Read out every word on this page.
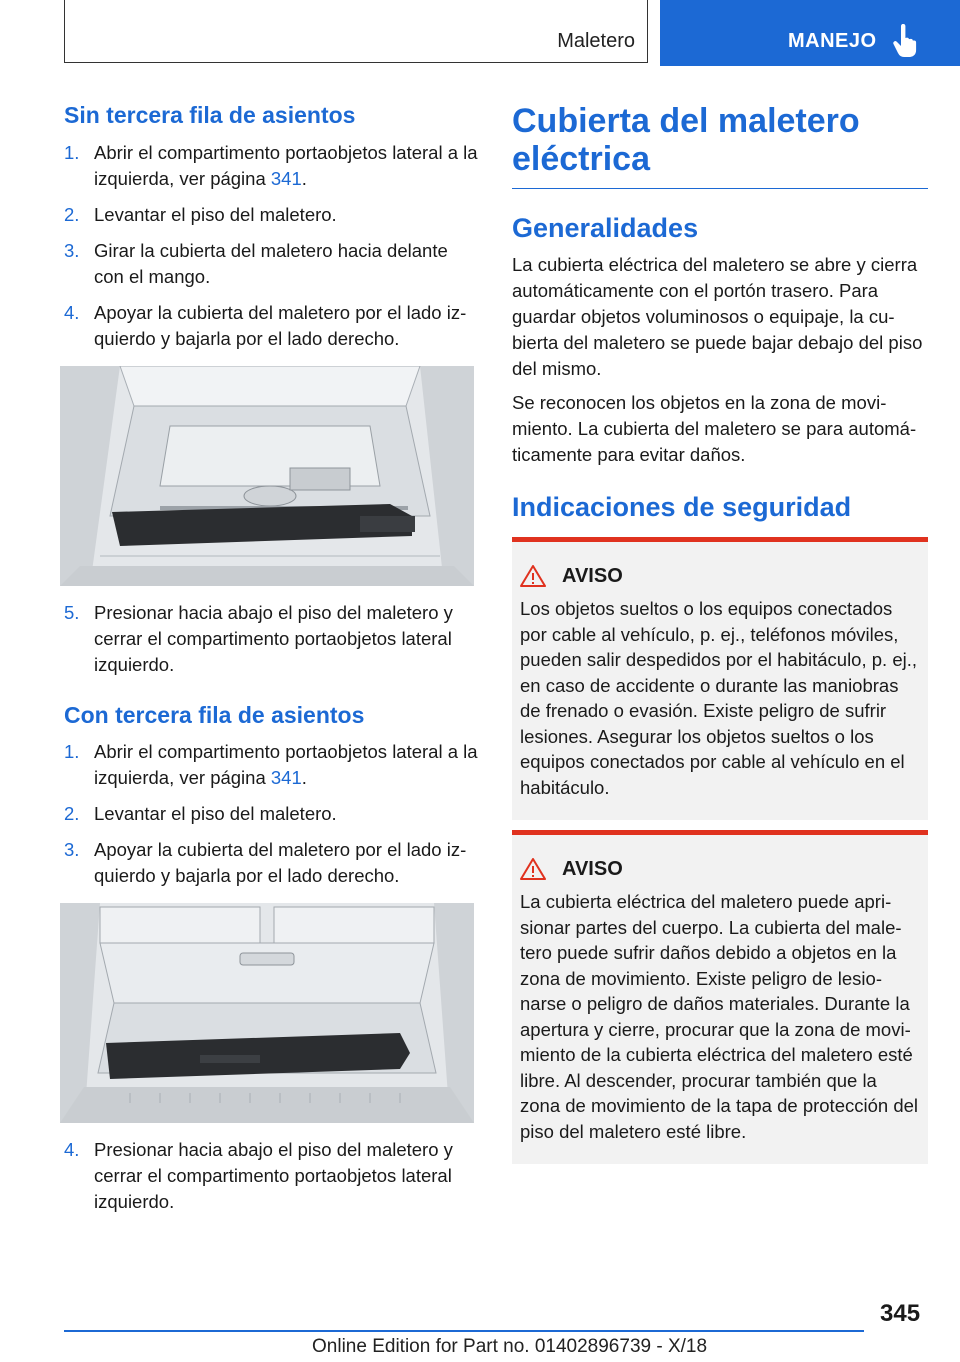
Maletero	MANEJO
Sin tercera fila de asientos
1. Abrir el compartimento portaobjetos lateral a la izquierda, ver página 341.
2. Levantar el piso del maletero.
3. Girar la cubierta del maletero hacia delante con el mango.
4. Apoyar la cubierta del maletero por el lado izquierdo y bajarla por el lado derecho.
5. Presionar hacia abajo el piso del maletero y cerrar el compartimento portaobjetos lateral izquierdo.
Con tercera fila de asientos
1. Abrir el compartimento portaobjetos lateral a la izquierda, ver página 341.
2. Levantar el piso del maletero.
3. Apoyar la cubierta del maletero por el lado izquierdo y bajarla por el lado derecho.
4. Presionar hacia abajo el piso del maletero y cerrar el compartimento portaobjetos lateral izquierdo.
Cubierta del maletero eléctrica
Generalidades

La cubierta eléctrica del maletero se abre y cierra automáticamente con el portón trasero. Para guardar objetos voluminosos o equipaje, la cubierta del maletero se puede bajar debajo del piso del mismo.

Se reconocen los objetos en la zona de movimiento. La cubierta del maletero se para automáticamente para evitar daños.

Indicaciones de seguridad
AVISO
Los objetos sueltos o los equipos conectados por cable al vehículo, p. ej., teléfonos móviles, pueden salir despedidos por el habitáculo, p. ej., en caso de accidente o durante las maniobras de frenado o evasión. Existe peligro de sufrir lesiones. Asegurar los objetos sueltos o los equipos conectados por cable al vehículo en el habitáculo.
AVISO
La cubierta eléctrica del maletero puede aprisionar partes del cuerpo. La cubierta del maletero puede sufrir daños debido a objetos en la zona de movimiento. Existe peligro de lesionarse o peligro de daños materiales. Durante la apertura y cierre, procurar que la zona de movimiento de la cubierta eléctrica del maletero esté libre. Al descender, procurar también que la zona de movimiento de la tapa de protección del piso del maletero esté libre.
345
Online Edition for Part no. 01402896739 - X/18
